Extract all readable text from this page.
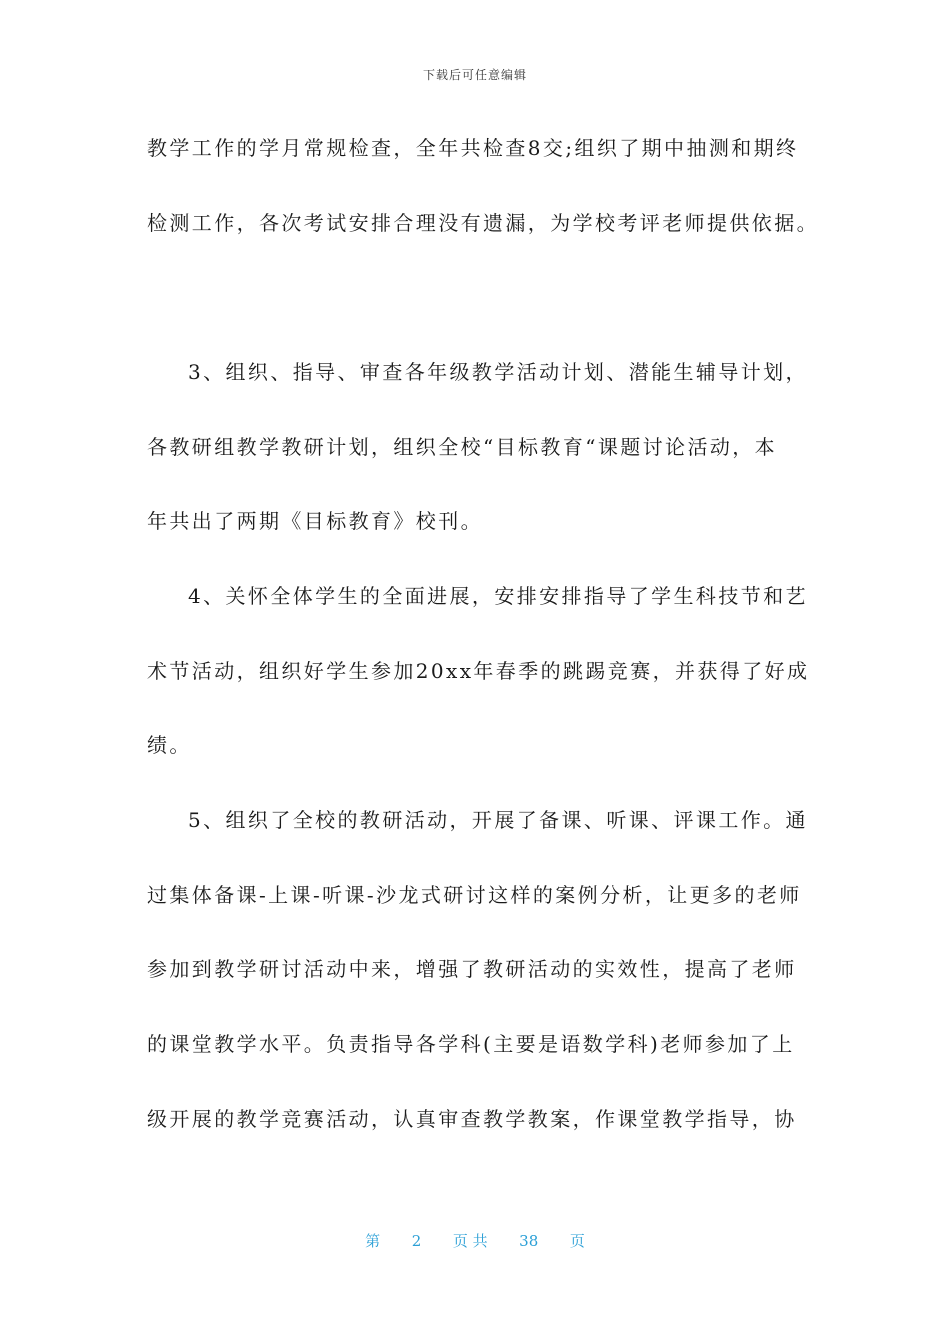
下载后可任意编辑
教学工作的学月常规检查，全年共检查8交;组织了期中抽测和期终
检测工作，各次考试安排合理没有遗漏，为学校考评老师提供依据。
3、组织、指导、审查各年级教学活动计划、潜能生辅导计划，
各教研组教学教研计划，组织全校“目标教育“课题讨论活动，本
年共出了两期《目标教育》校刊。
4、关怀全体学生的全面进展，安排安排指导了学生科技节和艺
术节活动，组织好学生参加20xx年春季的跳踢竞赛，并获得了好成
绩。
5、组织了全校的教研活动，开展了备课、听课、评课工作。通
过集体备课-上课-听课-沙龙式研讨这样的案例分析，让更多的老师
参加到教学研讨活动中来，增强了教研活动的实效性，提高了老师
的课堂教学水平。负责指导各学科(主要是语数学科)老师参加了上
级开展的教学竞赛活动，认真审查教学教案，作课堂教学指导，协
第 2 页 共 38 页
